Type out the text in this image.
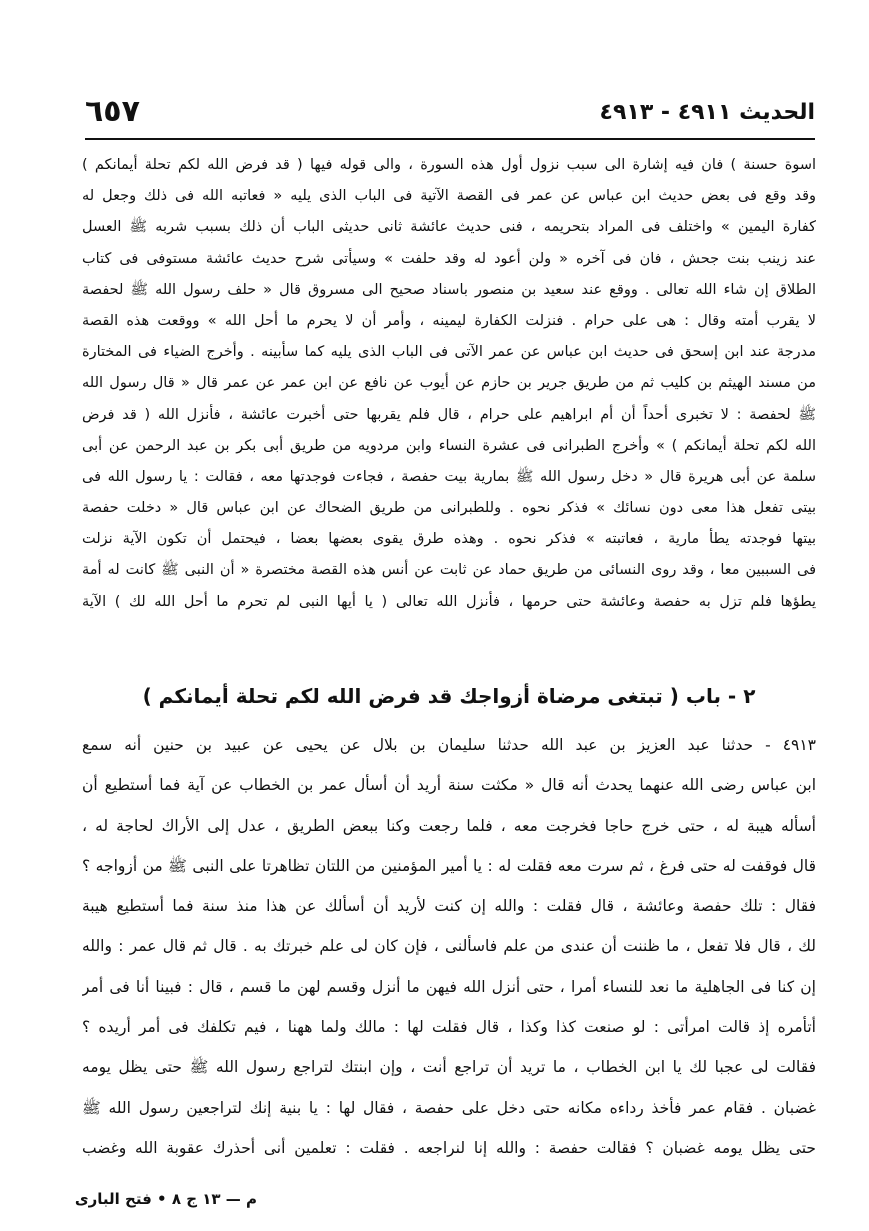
الحديث ٤٩١١ - ٤٩١٣
٦٥٧
اسوة حسنة ) فان فيه إشارة الى سبب نزول أول هذه السورة ، والى قوله فيها ( قد فرض الله لكم تحلة أيمانكم )
وقد وقع فى بعض حديث ابن عباس عن عمر فى القصة الآتية فى الباب الذى يليه « فعاتبه الله فى ذلك وجعل له
كفارة اليمين » واختلف فى المراد بتحريمه ، فنى حديث عائشة ثانى حديثى الباب أن ذلك بسبب شربه ﷺ العسل
عند زينب بنت جحش ، فان فى آخره « ولن أعود له وقد حلفت » وسيأتى شرح حديث عائشة مستوفى فى كتاب
الطلاق إن شاء الله تعالى . ووقع عند سعيد بن منصور باسناد صحيح الى مسروق قال « حلف رسول الله ﷺ لحفصة
لا يقرب أمته وقال : هى على حرام . فنزلت الكفارة ليمينه ، وأمر أن لا يحرم ما أحل الله » ووقعت هذه القصة
مدرجة عند ابن إسحق فى حديث ابن عباس عن عمر الآتى فى الباب الذى يليه كما سأبينه . وأخرج الضياء فى المختارة
من مسند الهيثم بن كليب ثم من طريق جرير بن حازم عن أيوب عن نافع عن ابن عمر عن عمر قال « قال رسول الله
ﷺ لحفصة : لا تخبرى أحداً أن أم ابراهيم على حرام ، قال فلم يقربها حتى أخبرت عائشة ، فأنزل الله ( قد فرض
الله لكم تحلة أيمانكم ) » وأخرج الطبرانى فى عشرة النساء وابن مردويه من طريق أبى بكر بن عبد الرحمن عن أبى
سلمة عن أبى هريرة قال « دخل رسول الله ﷺ بمارية بيت حفصة ، فجاءت فوجدتها معه ، فقالت : يا رسول الله فى
بيتى تفعل هذا معى دون نسائك » فذكر نحوه . وللطبرانى من طريق الضحاك عن ابن عباس قال « دخلت حفصة
بيتها فوجدته يطأ مارية ، فعاتبته » فذكر نحوه . وهذه طرق يقوى بعضها بعضا ، فيحتمل أن تكون الآية نزلت
فى السببين معا ، وقد روى النسائى من طريق حماد عن ثابت عن أنس هذه القصة مختصرة « أن النبى ﷺ كانت له أمة
يطؤها فلم تزل به حفصة وعائشة حتى حرمها ، فأنزل الله تعالى ( يا أيها النبى لم تحرم ما أحل الله لك ) الآية
٢ - باب ( تبتغى مرضاة أزواجك قد فرض الله لكم تحلة أيمانكم )
٤٩١٣ - حدثنا عبد العزيز بن عبد الله حدثنا سليمان بن بلال عن يحيى عن عبيد بن حنين أنه سمع
ابن عباس رضى الله عنهما يحدث أنه قال « مكثت سنة أريد أن أسأل عمر بن الخطاب عن آية فما أستطيع أن
أسأله هيبة له ، حتى خرج حاجا فخرجت معه ، فلما رجعت وكنا ببعض الطريق ، عدل إلى الأراك لحاجة له ،
قال فوقفت له حتى فرغ ، ثم سرت معه فقلت له : يا أمير المؤمنين من اللتان تظاهرتا على النبى ﷺ من أزواجه ؟
فقال : تلك حفصة وعائشة ، قال فقلت : والله إن كنت لأريد أن أسألك عن هذا منذ سنة فما أستطيع هيبة
لك ، قال فلا تفعل ، ما ظننت أن عندى من علم فاسألنى ، فإن كان لى علم خبرتك به . قال ثم قال عمر : والله
إن كنا فى الجاهلية ما نعد للنساء أمرا ، حتى أنزل الله فيهن ما أنزل وقسم لهن ما قسم ، قال : فبينا أنا فى أمر
أتأمره إذ قالت امرأتى : لو صنعت كذا وكذا ، قال فقلت لها : مالك ولما ههنا ، فيم تكلفك فى أمر أريده ؟
فقالت لى عجبا لك يا ابن الخطاب ، ما تريد أن تراجع أنت ، وإن ابنتك لتراجع رسول الله ﷺ حتى يظل يومه
غضبان . فقام عمر فأخذ رداءه مكانه حتى دخل على حفصة ، فقال لها : يا بنية إنك لتراجعين رسول الله ﷺ
حتى يظل يومه غضبان ؟ فقالت حفصة : والله إنا لنراجعه . فقلت : تعلمين أنى أحذرك عقوبة الله وغضب
م — ١٣ ج ٨ • فتح البارى
